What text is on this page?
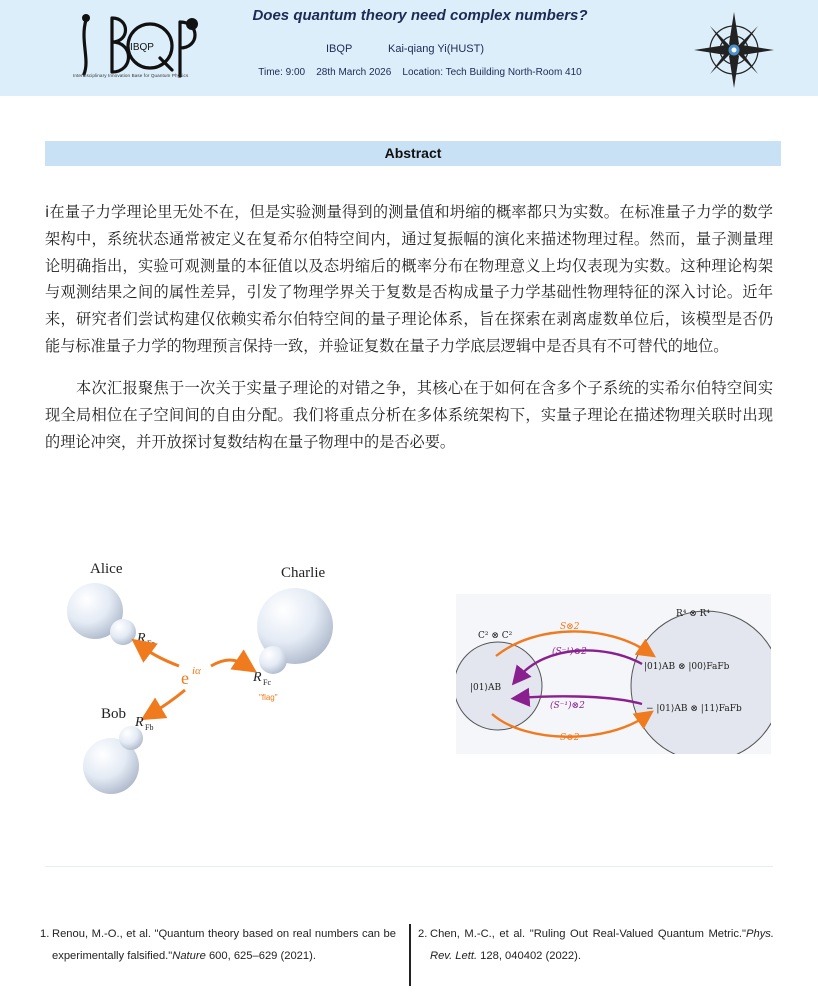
IBQP
Interdisciplinary Innovation Base for Quantum Physics
Does quantum theory need complex numbers?
IBQP	Kai-qiang Yi(HUST)
Time: 9:00    28th March 2026    Location: Tech Building North-Room 410
Abstract

i在量子力学理论里无处不在，但是实验测量得到的测量值和坍缩的概率都只为实数。在标准量子力学的数学架构中，系统状态通常被定义在复希尔伯特空间内，通过复振幅的演化来描述物理过程。然而，量子测量理论明确指出，实验可观测量的本征值以及态坍缩后的概率分布在物理意义上均仅表现为实数。这种理论构架与观测结果之间的属性差异，引发了物理学界关于复数是否构成量子力学基础性物理特征的深入讨论。近年来，研究者们尝试构建仅依赖实希尔伯特空间的量子理论体系，旨在探索在剥离虚数单位后，该模型是否仍能与标准量子力学的物理预言保持一致，并验证复数在量子力学底层逻辑中是否具有不可替代的地位。

本次汇报聚焦于一次关于实量子理论的对错之争，其核心在于如何在含多个子系统的实希尔伯特空间实现全局相位在子空间间的自由分配。我们将重点分析在多体系统架构下，实量子理论在描述物理关联时出现的理论冲突，并开放探讨复数结构在量子物理中的是否必要。

Alice
R Fa
Charlie
R Fc
"flag"
e iα
Bob
R Fb
C² ⊗ C²
R⁴ ⊗ R⁴
|01⟩AB
|01⟩AB ⊗ |00⟩FaFb
− |01⟩AB ⊗ |11⟩FaFb
S⊗2
(S⁻¹)⊗2
(S⁻¹)⊗2
S⊗2
1. Renou, M.-O., et al. "Quantum theory based on real numbers can be experimentally falsified."Nature 600, 625–629 (2021).
2. Chen, M.-C., et al. "Ruling Out Real-Valued Quantum Metric."Phys. Rev. Lett. 128, 040402 (2022).
